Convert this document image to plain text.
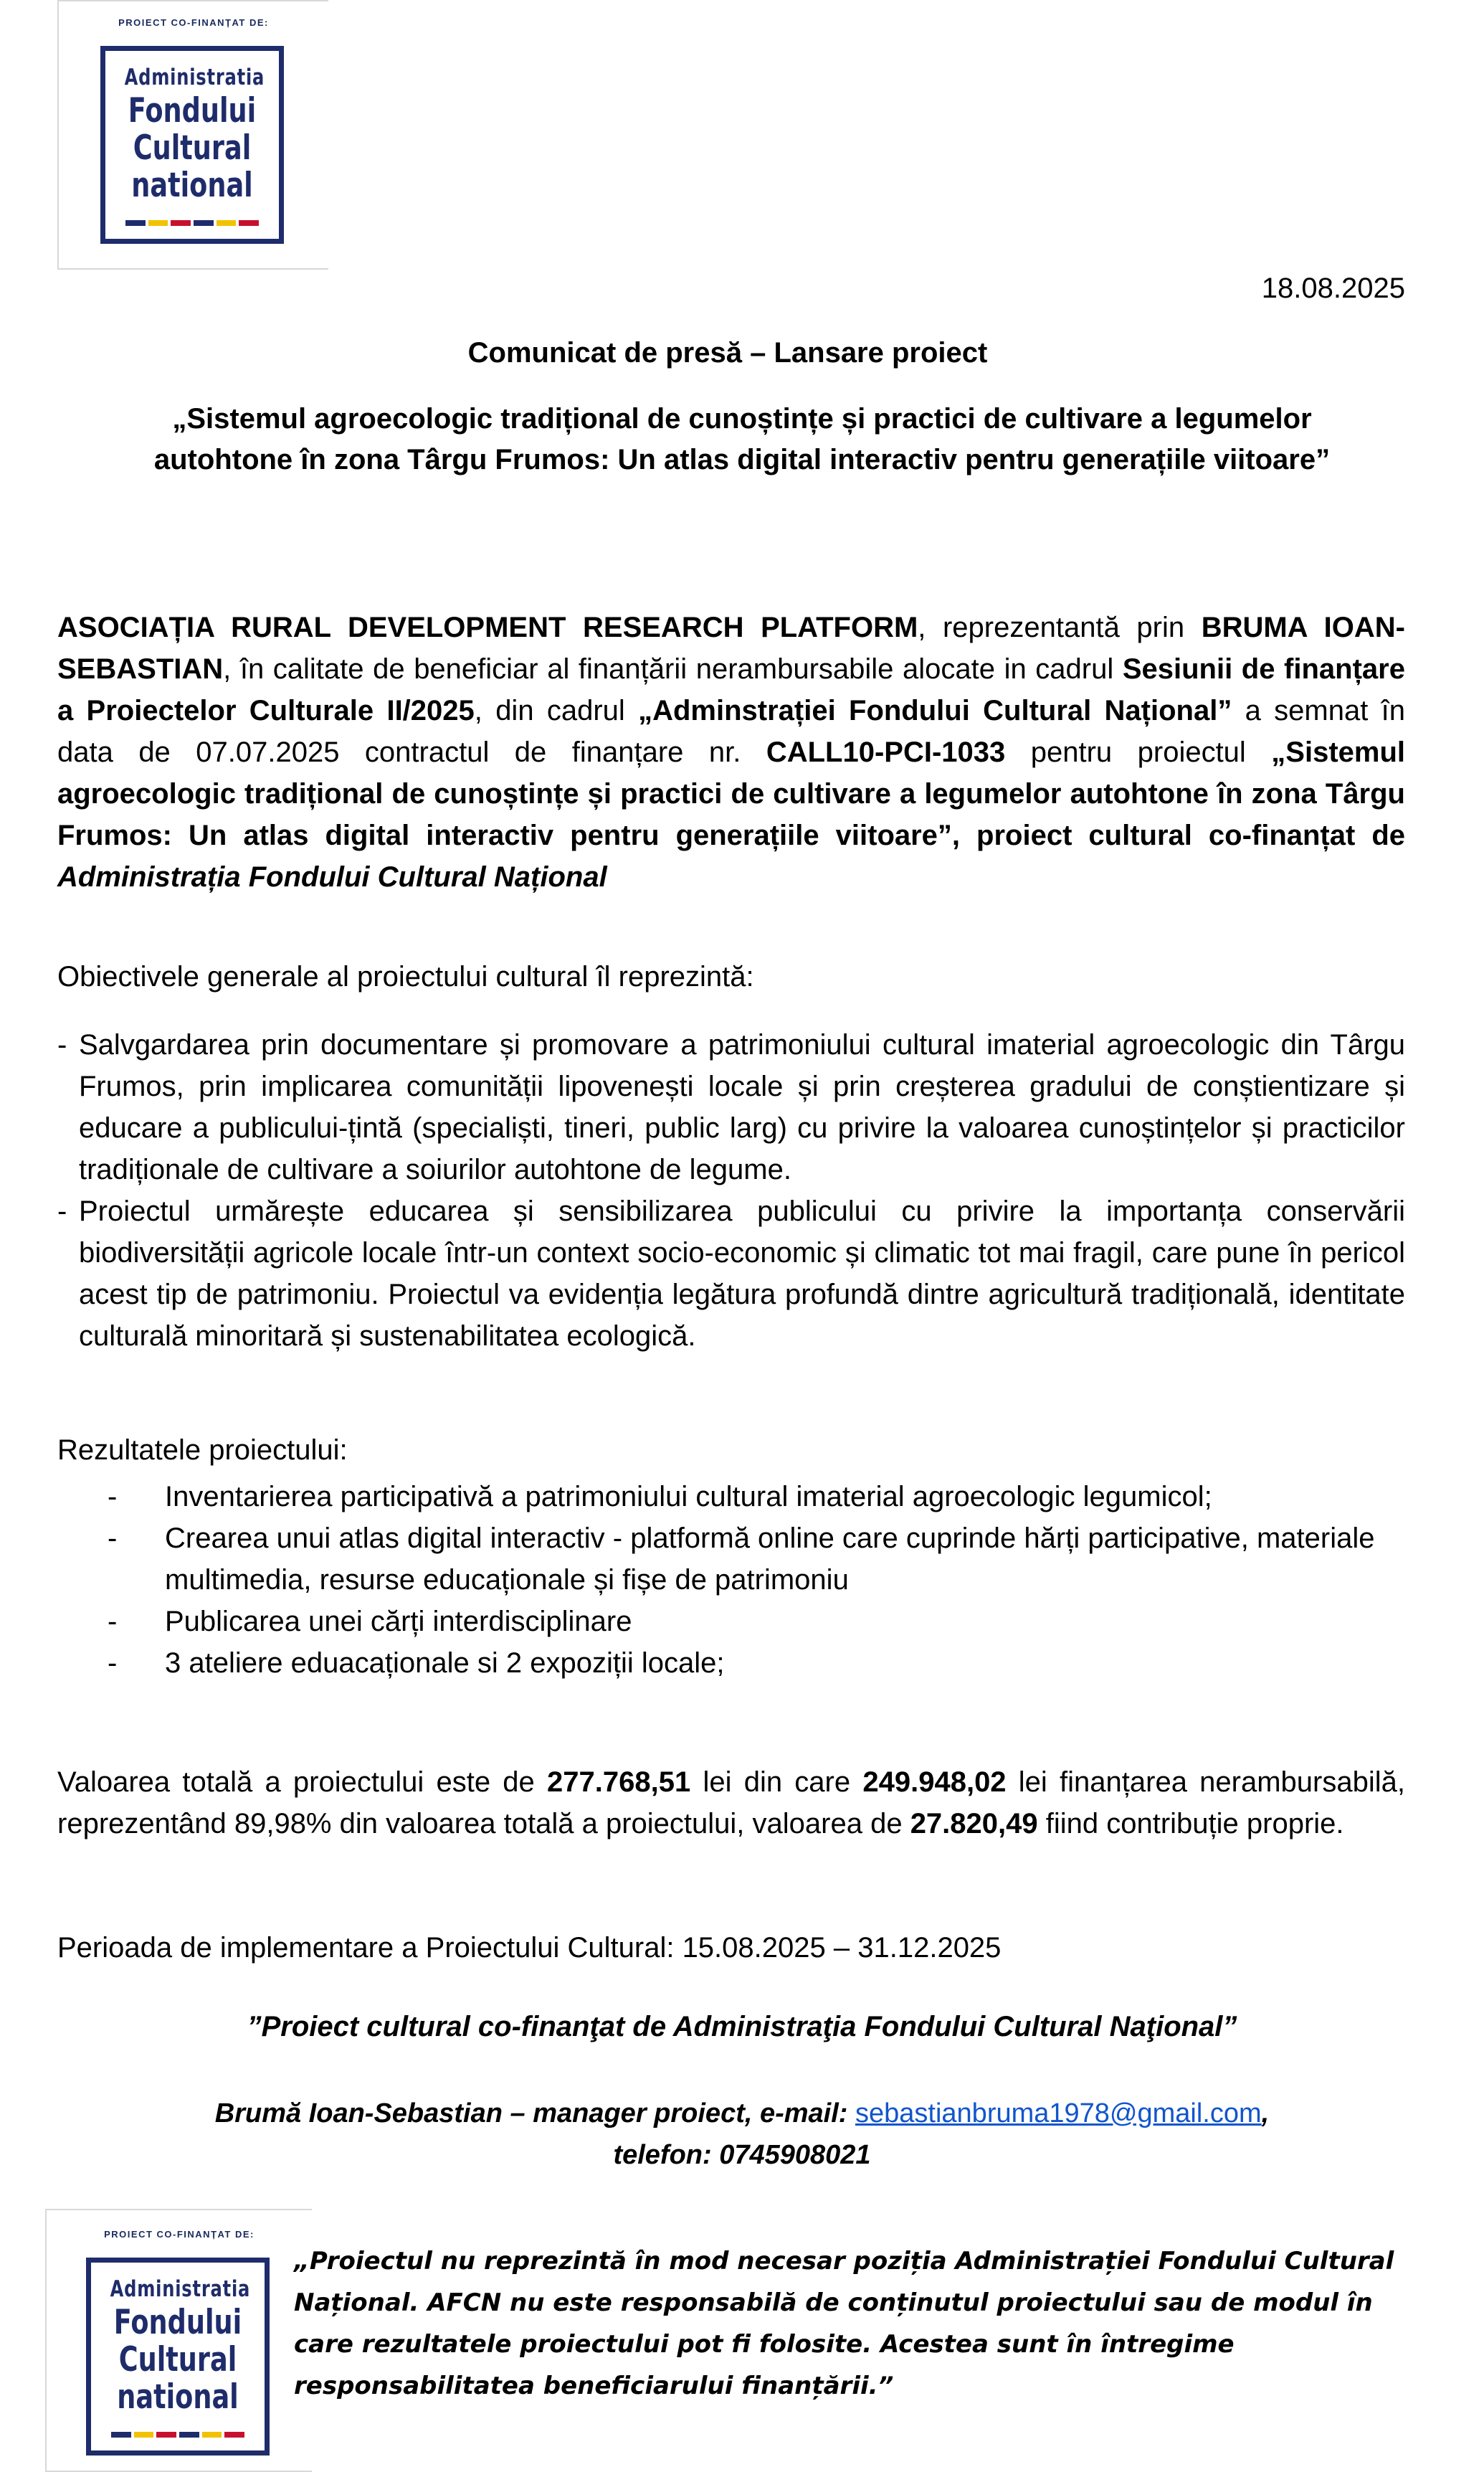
PROIECT CO-FINANȚAT DE:
Administratia
Fondului
Cultural
national
18.08.2025
Comunicat de presă – Lansare proiect
„Sistemul agroecologic tradițional de cunoștințe și practici de cultivare a legumelor autohtone în zona Târgu Frumos: Un atlas digital interactiv pentru generațiile viitoare”
ASOCIAȚIA RURAL DEVELOPMENT RESEARCH PLATFORM, reprezentantă prin BRUMA IOAN-SEBASTIAN, în calitate de beneficiar al finanțării nerambursabile alocate in cadrul Sesiunii de finanțare a Proiectelor Culturale II/2025, din cadrul „Adminstrației Fondului Cultural Național” a semnat în data de 07.07.2025 contractul de finanțare nr. CALL10-PCI-1033 pentru proiectul „Sistemul agroecologic tradițional de cunoștințe și practici de cultivare a legumelor autohtone în zona Târgu Frumos: Un atlas digital interactiv pentru generațiile viitoare”, proiect cultural co-finanțat de Administrația Fondului Cultural Național
Obiectivele generale al proiectului cultural îl reprezintă:
- Salvgardarea prin documentare și promovare a patrimoniului cultural imaterial agroecologic din Târgu Frumos, prin implicarea comunității lipovenești locale și prin creșterea gradului de conștientizare și educare a publicului-țintă (specialiști, tineri, public larg) cu privire la valoarea cunoștințelor și practicilor tradiționale de cultivare a soiurilor autohtone de legume.
- Proiectul urmărește educarea și sensibilizarea publicului cu privire la importanța conservării biodiversității agricole locale într-un context socio-economic și climatic tot mai fragil, care pune în pericol acest tip de patrimoniu. Proiectul va evidenția legătura profundă dintre agricultură tradițională, identitate culturală minoritară și sustenabilitatea ecologică.
Rezultatele proiectului:
- Inventarierea participativă a patrimoniului cultural imaterial agroecologic legumicol;
- Crearea unui atlas digital interactiv - platformă online care cuprinde hărți participative, materiale multimedia, resurse educaționale și fișe de patrimoniu
- Publicarea unei cărți interdisciplinare
- 3 ateliere eduacaționale si 2 expoziții locale;
Valoarea totală a proiectului este de 277.768,51 lei din care 249.948,02 lei finanțarea nerambursabilă, reprezentând 89,98% din valoarea totală a proiectului, valoarea de 27.820,49 fiind contribuție proprie.
Perioada de implementare a Proiectului Cultural: 15.08.2025 – 31.12.2025
”Proiect cultural co-finanţat de Administraţia Fondului Cultural Naţional”
Brumă Ioan-Sebastian – manager proiect, e-mail: sebastianbruma1978@gmail.com,
telefon: 0745908021
PROIECT CO-FINANȚAT DE:
Administratia
Fondului
Cultural
national
„Proiectul nu reprezintă în mod necesar poziția Administrației Fondului Cultural Național. AFCN nu este responsabilă de conținutul proiectului sau de modul în care rezultatele proiectului pot fi folosite. Acestea sunt în întregime responsabilitatea beneficiarului finanțării.”
